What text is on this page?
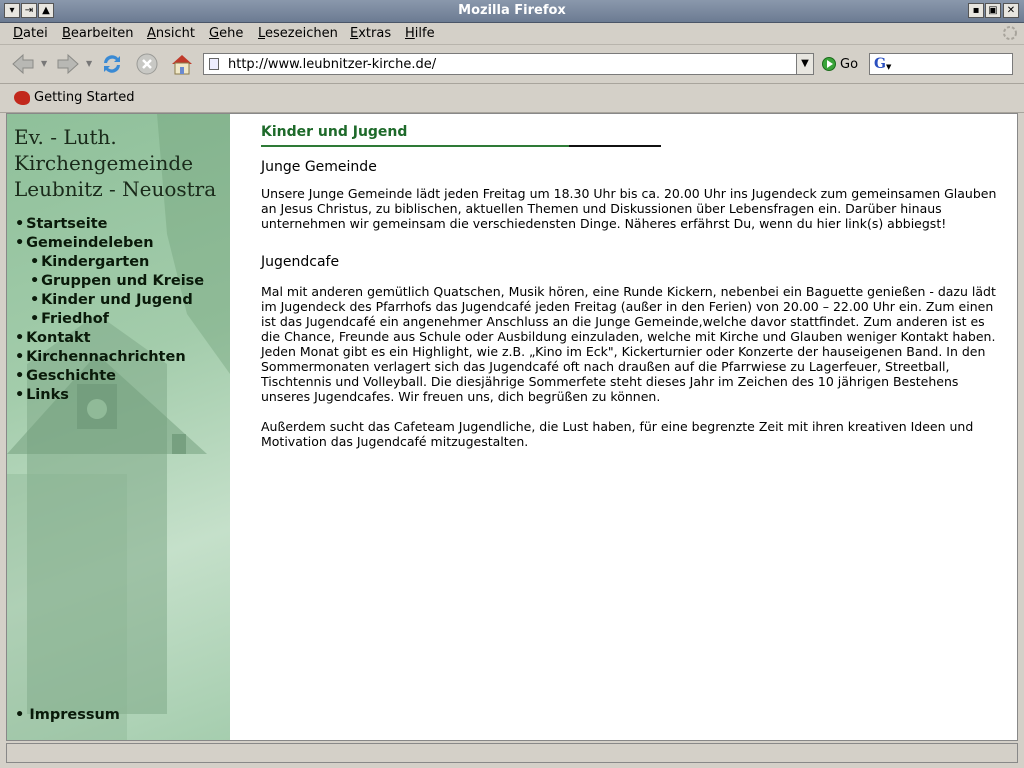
▾	⇥ ▲	Mozilla Firefox	▪ ▣ ✕
Datei Bearbeiten Ansicht Gehe Lesezeichen Extras Hilfe
▼	▼
http://www.leubnitzer-kirche.de/	▼	Go G ▼
Getting Started
Ev. - Luth.
Kirchengemeinde
Leubnitz - Neuostra
• Startseite
• Gemeindeleben
• Kindergarten
• Gruppen und Kreise
• Kinder und Jugend
• Friedhof
• Kontakt
• Kirchennachrichten
• Geschichte
• Links
• Impressum
Kinder und Jugend
Junge Gemeinde

Unsere Junge Gemeinde lädt jeden Freitag um 18.30 Uhr bis ca. 20.00 Uhr ins Jugendeck zum gemeinsamen Glauben an Jesus Christus, zu biblischen, aktuellen Themen und Diskussionen über Lebensfragen ein. Darüber hinaus unternehmen wir gemeinsam die verschiedensten Dinge. Näheres erfährst Du, wenn du hier link(s) abbiegst!

Jugendcafe

Mal mit anderen gemütlich Quatschen, Musik hören, eine Runde Kickern, nebenbei ein Baguette genießen - dazu lädt im Jugendeck des Pfarrhofs das Jugendcafé jeden Freitag (außer in den Ferien) von 20.00 – 22.00 Uhr ein. Zum einen ist das Jugendcafé ein angenehmer Anschluss an die Junge Gemeinde,welche davor stattfindet. Zum anderen ist es die Chance, Freunde aus Schule oder Ausbildung einzuladen, welche mit Kirche und Glauben weniger Kontakt haben. Jeden Monat gibt es ein Highlight, wie z.B. „Kino im Eck", Kickerturnier oder Konzerte der hauseigenen Band. In den Sommermonaten verlagert sich das Jugendcafé oft nach draußen auf die Pfarrwiese zu Lagerfeuer, Streetball, Tischtennis und Volleyball. Die diesjährige Sommerfete steht dieses Jahr im Zeichen des 10 jährigen Bestehens unseres Jugendcafes. Wir freuen uns, dich begrüßen zu können.

Außerdem sucht das Cafeteam Jugendliche, die Lust haben, für eine begrenzte Zeit mit ihren kreativen Ideen und Motivation das Jugendcafé mitzugestalten.
